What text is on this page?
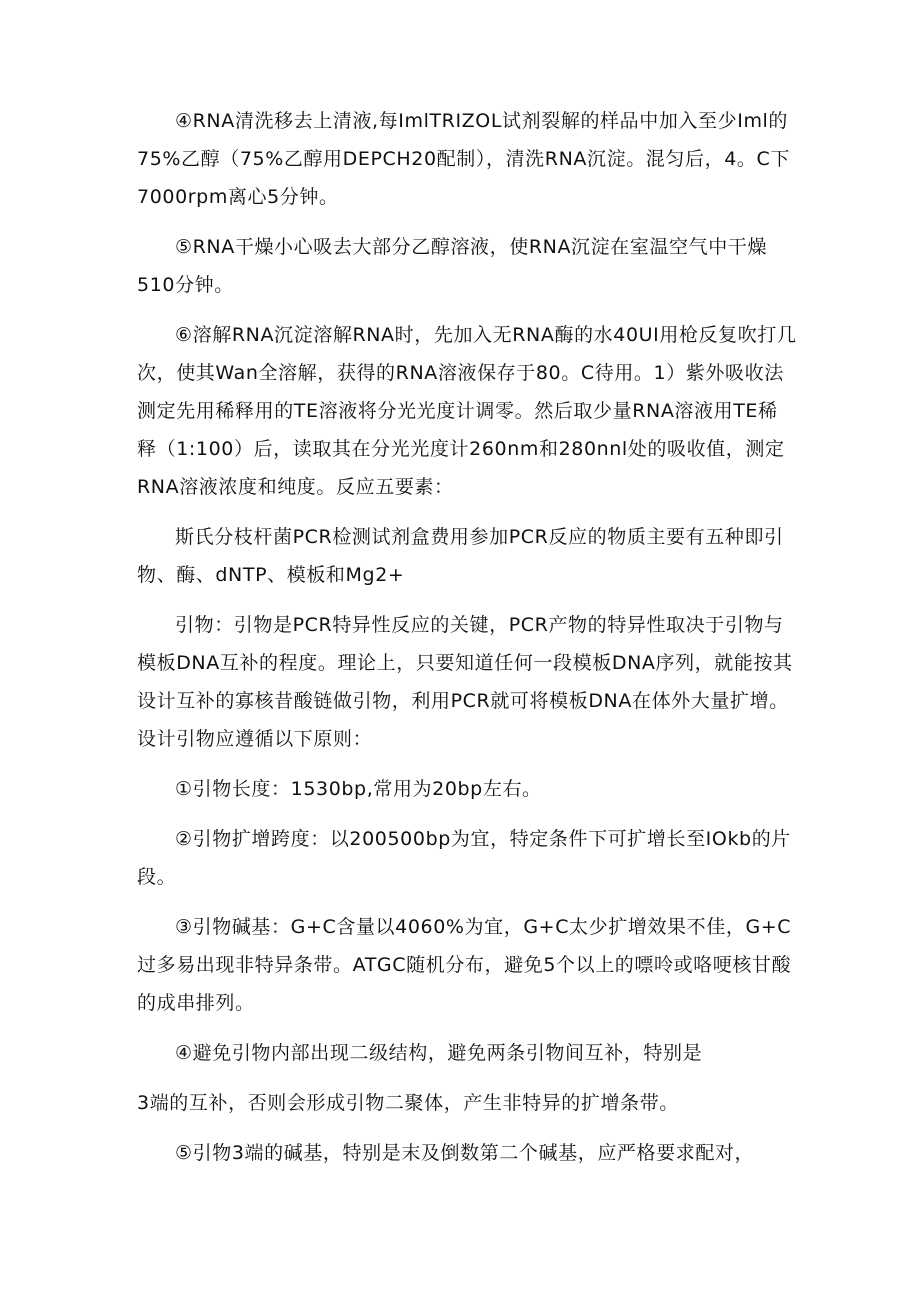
④RNA清洗移去上清液,每ImlTRIZOL试剂裂解的样品中加入至少Iml的75%乙醇（75%乙醇用DEPCH20配制），清洗RNA沉淀。混匀后，4。C下7000rpm离心5分钟。

⑤RNA干燥小心吸去大部分乙醇溶液，使RNA沉淀在室温空气中干燥510分钟。

⑥溶解RNA沉淀溶解RNA时，先加入无RNA酶的水40UI用枪反复吹打几次，使其Wan全溶解，获得的RNA溶液保存于80。C待用。1）紫外吸收法测定先用稀释用的TE溶液将分光光度计调零。然后取少量RNA溶液用TE稀释（1:100）后，读取其在分光光度计260nm和280nnl处的吸收值，测定RNA溶液浓度和纯度。反应五要素：

斯氏分枝杆菌PCR检测试剂盒费用参加PCR反应的物质主要有五种即引物、酶、dNTP、模板和Mg2+

引物：引物是PCR特异性反应的关键，PCR产物的特异性取决于引物与模板DNA互补的程度。理论上，只要知道任何一段模板DNA序列，就能按其设计互补的寡核昔酸链做引物，利用PCR就可将模板DNA在体外大量扩增。设计引物应遵循以下原则：

①引物长度：1530bp,常用为20bp左右。

②引物扩增跨度：以200500bp为宜，特定条件下可扩增长至IOkb的片段。

③引物碱基：G+C含量以4060%为宜，G+C太少扩增效果不佳，G+C过多易出现非特异条带。ATGC随机分布，避免5个以上的嘌呤或咯哽核甘酸的成串排列。

④避免引物内部出现二级结构，避免两条引物间互补，特别是

3端的互补，否则会形成引物二聚体，产生非特异的扩增条带。

⑤引物3端的碱基，特别是末及倒数第二个碱基，应严格要求配对，
